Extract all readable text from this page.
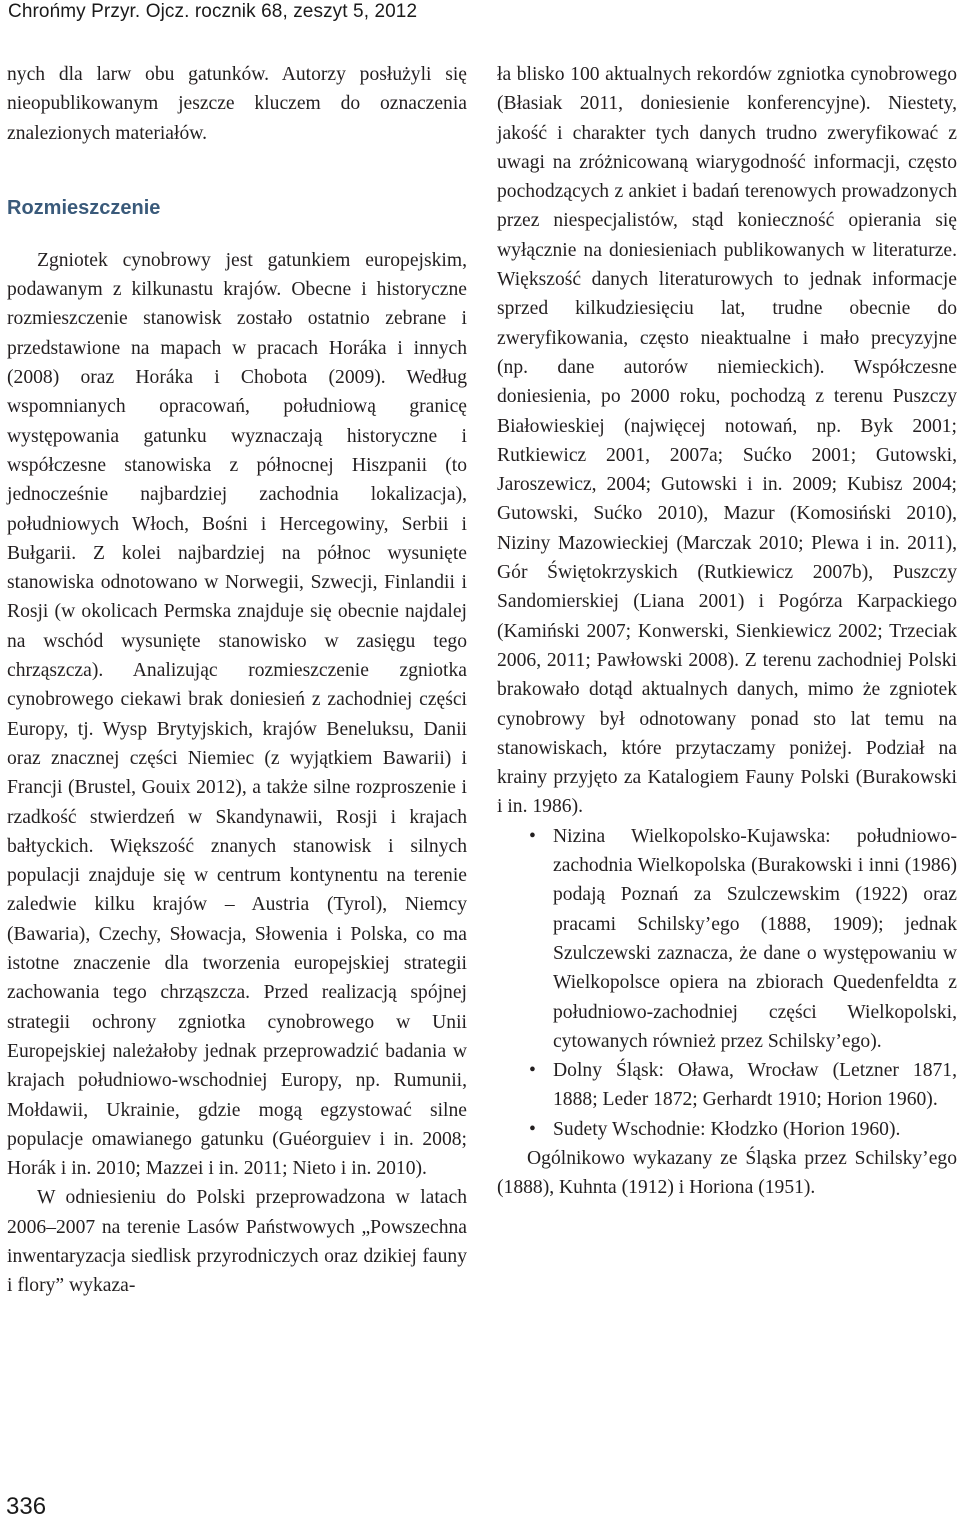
Chrońmy Przyr. Ojcz. rocznik 68, zeszyt 5, 2012

nych dla larw obu gatunków. Autorzy posłużyli się nieopublikowanym jeszcze kluczem do oznaczenia znalezionych materiałów.

Rozmieszczenie

Zgniotek cynobrowy jest gatunkiem europejskim, podawanym z kilkunastu krajów. Obecne i historyczne rozmieszczenie stanowisk zostało ostatnio zebrane i przedstawione na mapach w pracach Horáka i innych (2008) oraz Horáka i Chobota (2009). Według wspomnianych opracowań, południową granicę występowania gatunku wyznaczają historyczne i współczesne stanowiska z północnej Hiszpanii (to jednocześnie najbardziej zachodnia lokalizacja), południowych Włoch, Bośni i Hercegowiny, Serbii i Bułgarii. Z kolei najbardziej na północ wysunięte stanowiska odnotowano w Norwegii, Szwecji, Finlandii i Rosji (w okolicach Permska znajduje się obecnie najdalej na wschód wysunięte stanowisko w zasięgu tego chrząszcza). Analizując rozmieszczenie zgniotka cynobrowego ciekawi brak doniesień z zachodniej części Europy, tj. Wysp Brytyjskich, krajów Beneluksu, Danii oraz znacznej części Niemiec (z wyjątkiem Bawarii) i Francji (Brustel, Gouix 2012), a także silne rozproszenie i rzadkość stwierdzeń w Skandynawii, Rosji i krajach bałtyckich. Większość znanych stanowisk i silnych populacji znajduje się w centrum kontynentu na terenie zaledwie kilku krajów – Austria (Tyrol), Niemcy (Bawaria), Czechy, Słowacja, Słowenia i Polska, co ma istotne znaczenie dla tworzenia europejskiej strategii zachowania tego chrząszcza. Przed realizacją spójnej strategii ochrony zgniotka cynobrowego w Unii Europejskiej należałoby jednak przeprowadzić badania w krajach południowo-wschodniej Europy, np. Rumunii, Mołdawii, Ukrainie, gdzie mogą egzystować silne populacje omawianego gatunku (Guéorguiev i in. 2008; Horák i in. 2010; Mazzei i in. 2011; Nieto i in. 2010).

W odniesieniu do Polski przeprowadzona w latach 2006–2007 na terenie Lasów Państwowych „Powszechna inwentaryzacja siedlisk przyrodniczych oraz dzikiej fauny i flory” wykaza-

ła blisko 100 aktualnych rekordów zgniotka cynobrowego (Błasiak 2011, doniesienie konferencyjne). Niestety, jakość i charakter tych danych trudno zweryfikować z uwagi na zróżnicowaną wiarygodność informacji, często pochodzących z ankiet i badań terenowych prowadzonych przez niespecjalistów, stąd konieczność opierania się wyłącznie na doniesieniach publikowanych w literaturze. Większość danych literaturowych to jednak informacje sprzed kilkudziesięciu lat, trudne obecnie do zweryfikowania, często nieaktualne i mało precyzyjne (np. dane autorów niemieckich). Współczesne doniesienia, po 2000 roku, pochodzą z terenu Puszczy Białowieskiej (najwięcej notowań, np. Byk 2001; Rutkiewicz 2001, 2007a; Sućko 2001; Gutowski, Jaroszewicz, 2004; Gutowski i in. 2009; Kubisz 2004; Gutowski, Sućko 2010), Mazur (Komosiński 2010), Niziny Mazowieckiej (Marczak 2010; Plewa i in. 2011), Gór Świętokrzyskich (Rutkiewicz 2007b), Puszczy Sandomierskiej (Liana 2001) i Pogórza Karpackiego (Kamiński 2007; Konwerski, Sienkiewicz 2002; Trzeciak 2006, 2011; Pawłowski 2008). Z terenu zachodniej Polski brakowało dotąd aktualnych danych, mimo że zgniotek cynobrowy był odnotowany ponad sto lat temu na stanowiskach, które przytaczamy poniżej. Podział na krainy przyjęto za Katalogiem Fauny Polski (Burakowski i in. 1986).

• Nizina Wielkopolsko-Kujawska: południowo-zachodnia Wielkopolska (Burakowski i inni (1986) podają Poznań za Szulczewskim (1922) oraz pracami Schilsky’ego (1888, 1909); jednak Szulczewski zaznacza, że dane o występowaniu w Wielkopolsce opiera na zbiorach Quedenfeldta z południowo-zachodniej części Wielkopolski, cytowanych również przez Schilsky’ego).
• Dolny Śląsk: Oława, Wrocław (Letzner 1871, 1888; Leder 1872; Gerhardt 1910; Horion 1960).
• Sudety Wschodnie: Kłodzko (Horion 1960).

Ogólnikowo wykazany ze Śląska przez Schilsky’ego (1888), Kuhnta (1912) i Horiona (1951).

336
